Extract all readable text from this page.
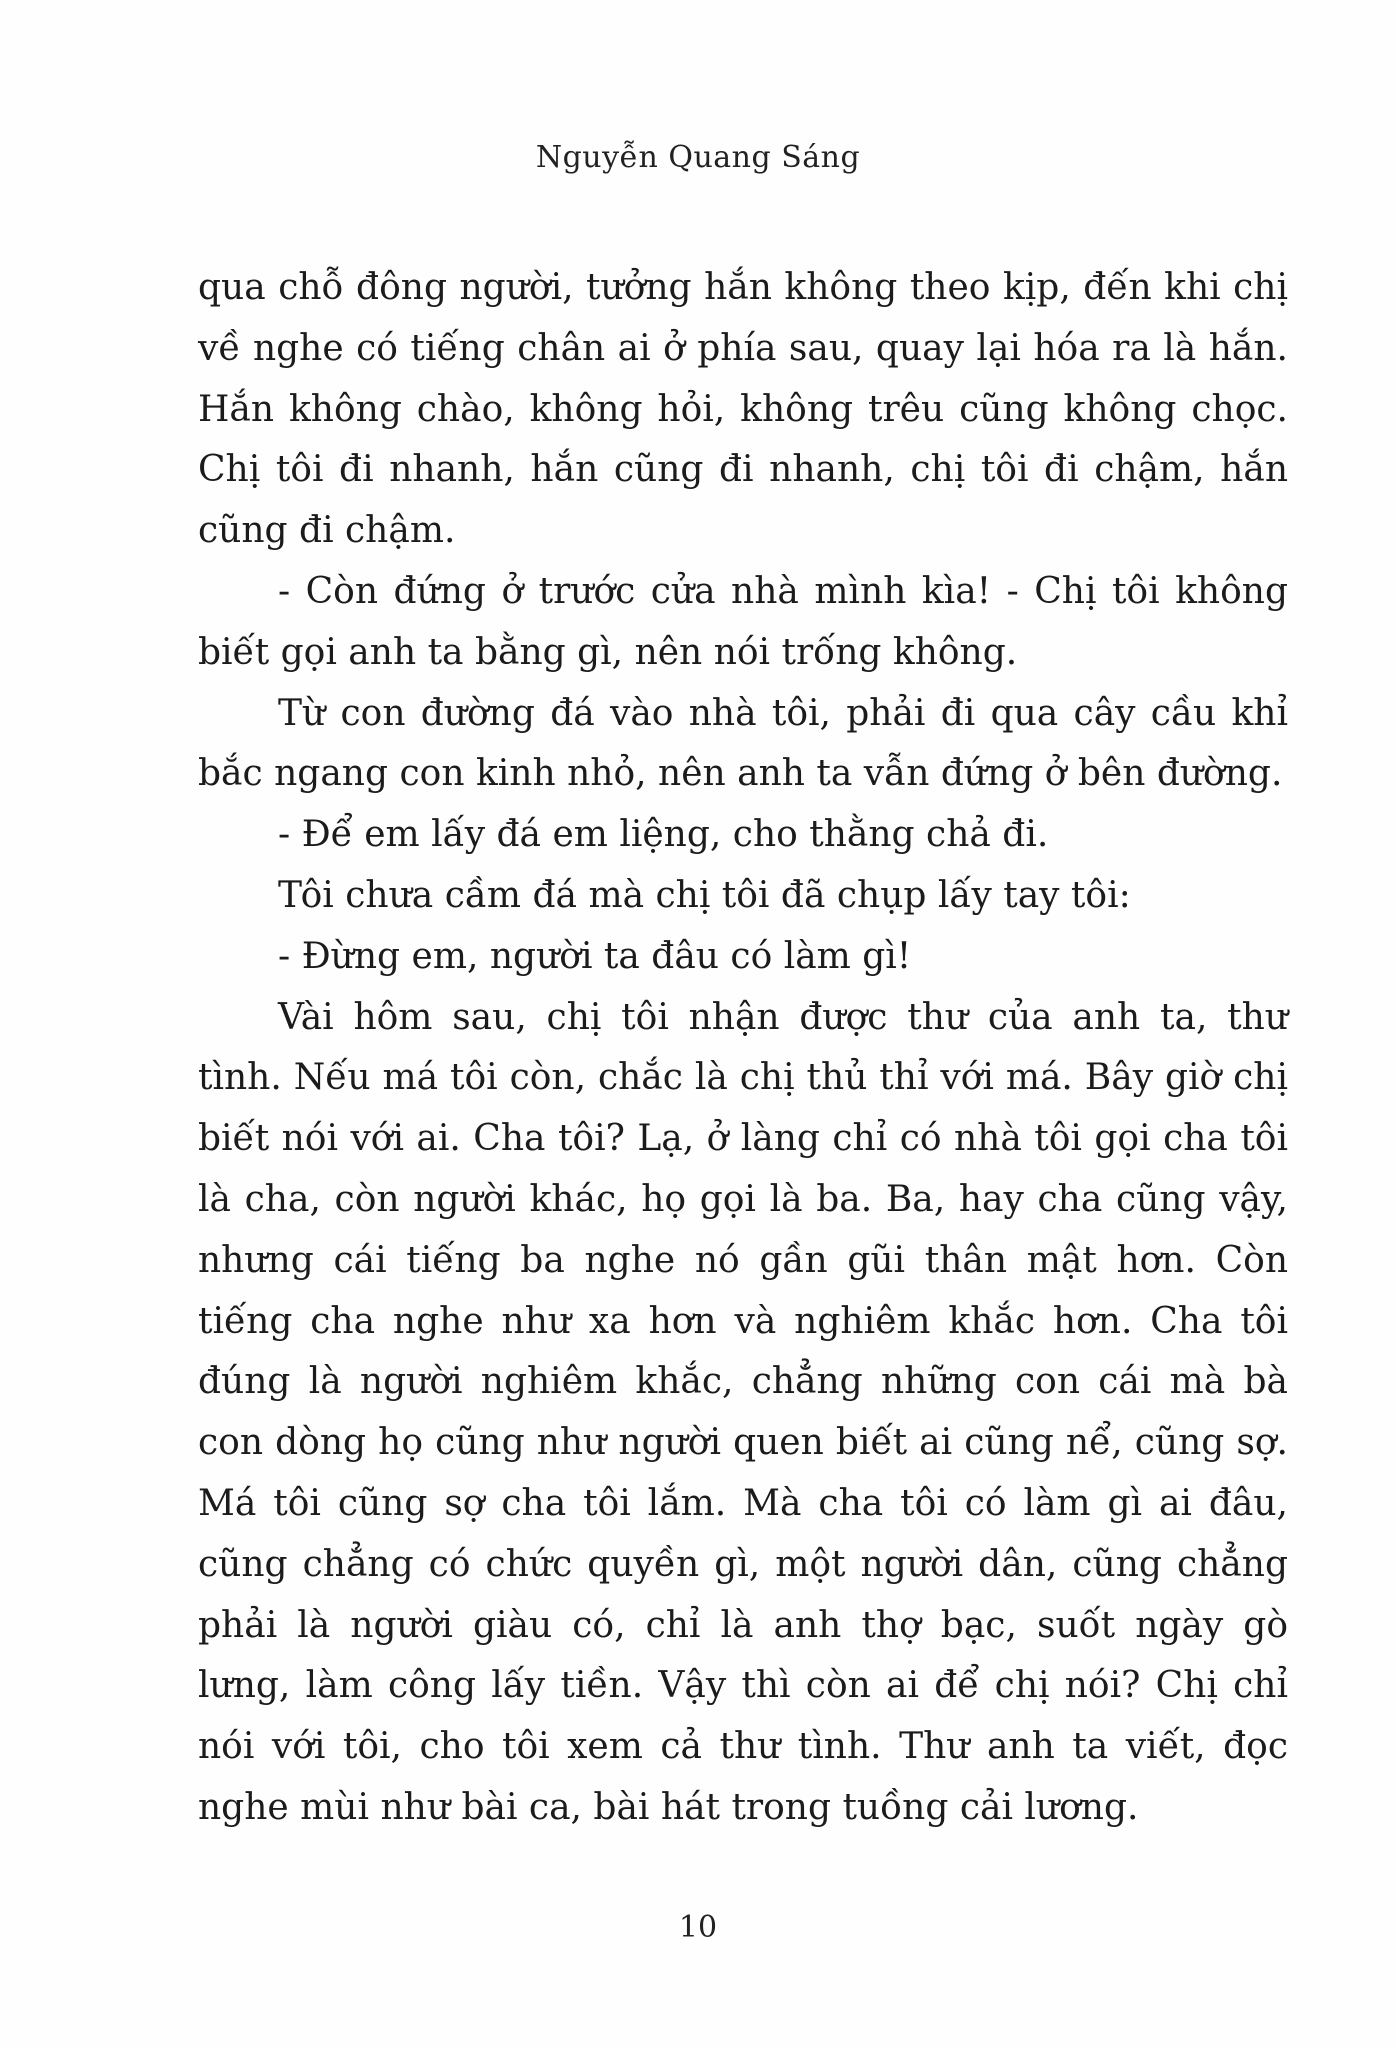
Nguyễn Quang Sáng

qua chỗ đông người, tưởng hắn không theo kịp, đến khi chị về nghe có tiếng chân ai ở phía sau, quay lại hóa ra là hắn. Hắn không chào, không hỏi, không trêu cũng không chọc. Chị tôi đi nhanh, hắn cũng đi nhanh, chị tôi đi chậm, hắn cũng đi chậm.

- Còn đứng ở trước cửa nhà mình kìa! - Chị tôi không biết gọi anh ta bằng gì, nên nói trống không.

Từ con đường đá vào nhà tôi, phải đi qua cây cầu khỉ bắc ngang con kinh nhỏ, nên anh ta vẫn đứng ở bên đường.

- Để em lấy đá em liệng, cho thằng chả đi.

Tôi chưa cầm đá mà chị tôi đã chụp lấy tay tôi:

- Đừng em, người ta đâu có làm gì!

Vài hôm sau, chị tôi nhận được thư của anh ta, thư tình. Nếu má tôi còn, chắc là chị thủ thỉ với má. Bây giờ chị biết nói với ai. Cha tôi? Lạ, ở làng chỉ có nhà tôi gọi cha tôi là cha, còn người khác, họ gọi là ba. Ba, hay cha cũng vậy, nhưng cái tiếng ba nghe nó gần gũi thân mật hơn. Còn tiếng cha nghe như xa hơn và nghiêm khắc hơn. Cha tôi đúng là người nghiêm khắc, chẳng những con cái mà bà con dòng họ cũng như người quen biết ai cũng nể, cũng sợ. Má tôi cũng sợ cha tôi lắm. Mà cha tôi có làm gì ai đâu, cũng chẳng có chức quyền gì, một người dân, cũng chẳng phải là người giàu có, chỉ là anh thợ bạc, suốt ngày gò lưng, làm công lấy tiền. Vậy thì còn ai để chị nói? Chị chỉ nói với tôi, cho tôi xem cả thư tình. Thư anh ta viết, đọc nghe mùi như bài ca, bài hát trong tuồng cải lương.

10
